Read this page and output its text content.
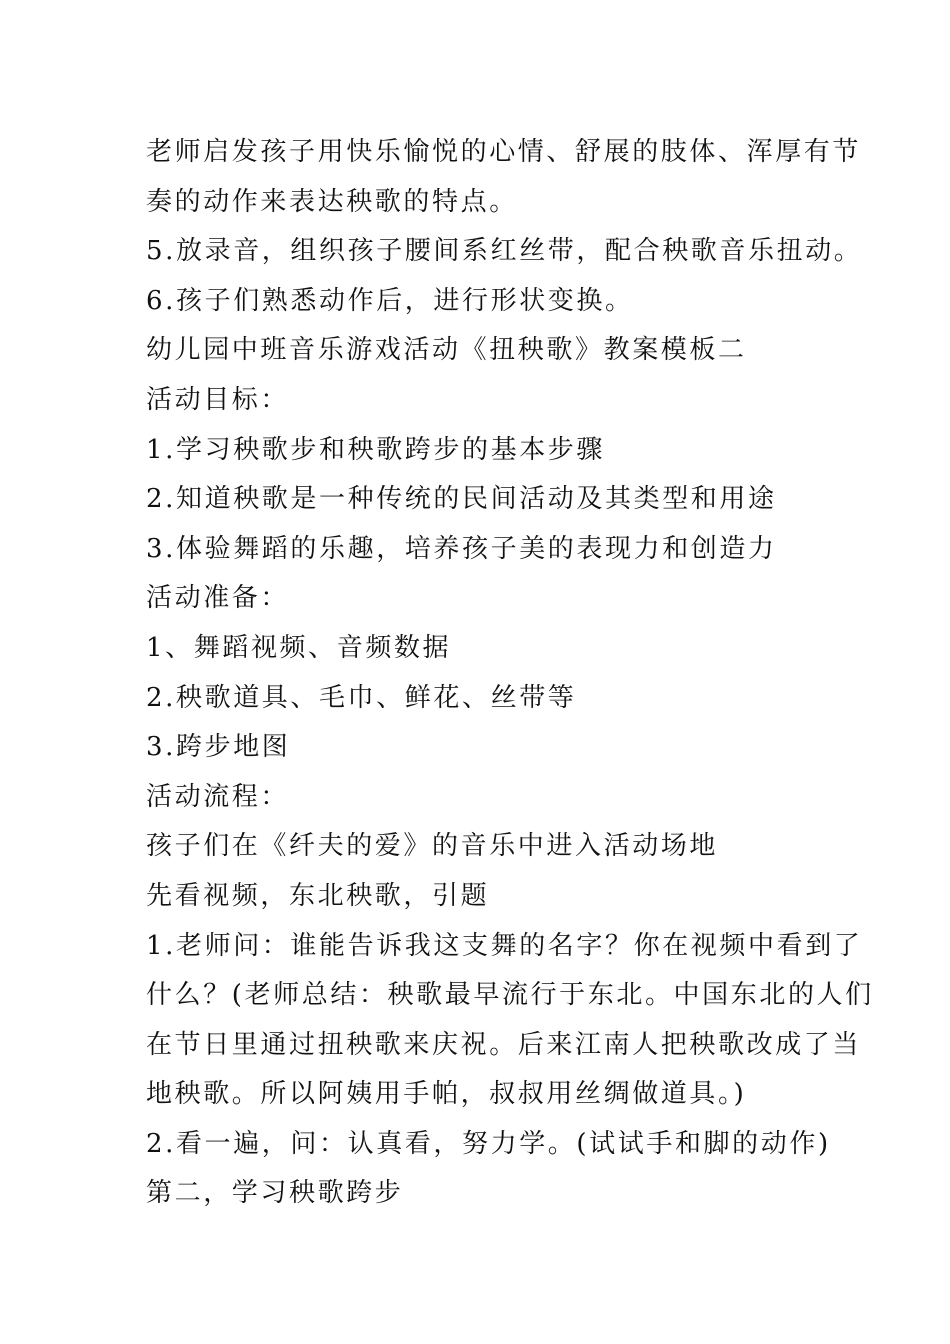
老师启发孩子用快乐愉悦的心情、舒展的肢体、浑厚有节

奏的动作来表达秧歌的特点。

5.放录音，组织孩子腰间系红丝带，配合秧歌音乐扭动。

6.孩子们熟悉动作后，进行形状变换。

幼儿园中班音乐游戏活动《扭秧歌》教案模板二

活动目标：

1.学习秧歌步和秧歌跨步的基本步骤

2.知道秧歌是一种传统的民间活动及其类型和用途

3.体验舞蹈的乐趣，培养孩子美的表现力和创造力

活动准备：

1、舞蹈视频、音频数据

2.秧歌道具、毛巾、鲜花、丝带等

3.跨步地图

活动流程：

孩子们在《纤夫的爱》的音乐中进入活动场地

先看视频，东北秧歌，引题

1.老师问：谁能告诉我这支舞的名字？你在视频中看到了

什么？(老师总结：秧歌最早流行于东北。中国东北的人们

在节日里通过扭秧歌来庆祝。后来江南人把秧歌改成了当

地秧歌。所以阿姨用手帕，叔叔用丝绸做道具。)

2.看一遍，问：认真看，努力学。(试试手和脚的动作)

第二，学习秧歌跨步
